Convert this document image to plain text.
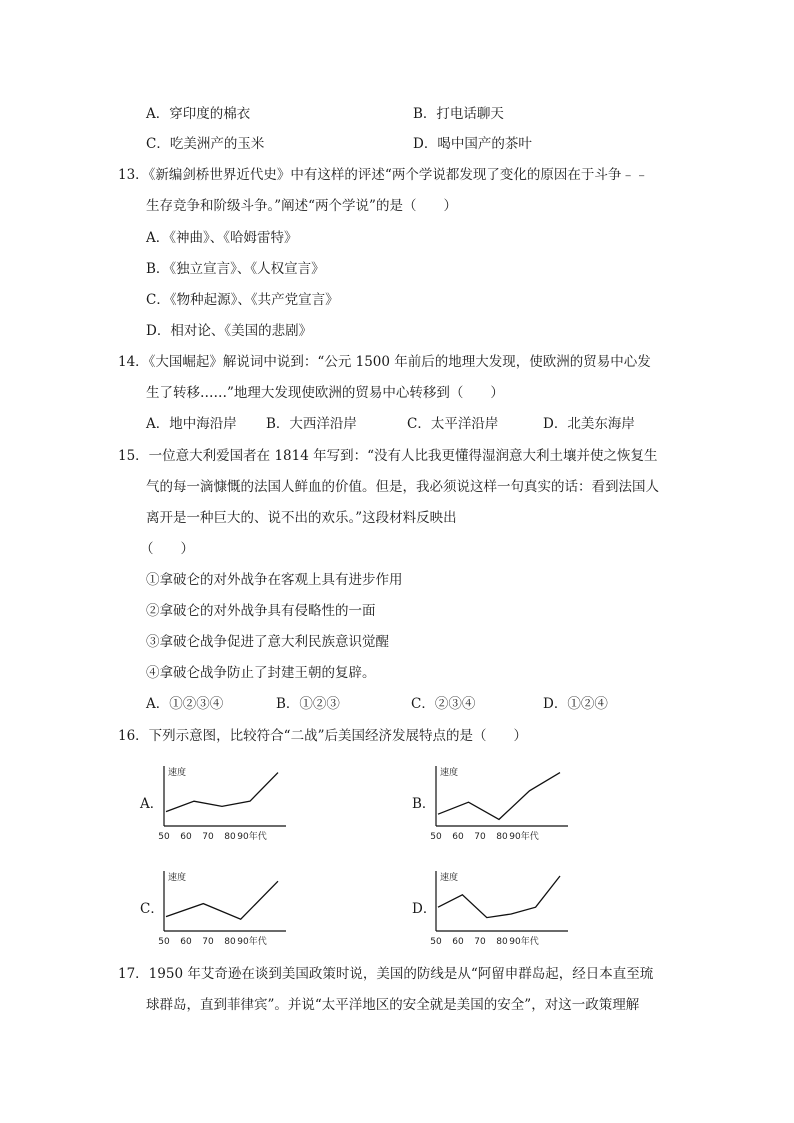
A．穿印度的棉衣	B．打电话聊天
C．吃美洲产的玉米	D．喝中国产的茶叶
13．《新编剑桥世界近代史》中有这样的评述“两个学说都发现了变化的原因在于斗争﹣﹣
生存竞争和阶级斗争。”阐述“两个学说”的是（　　）
A．《神曲》、《哈姆雷特》
B．《独立宣言》、《人权宣言》
C．《物种起源》、《共产党宣言》
D．相对论、《美国的悲剧》
14．《大国崛起》解说词中说到：“公元 1500 年前后的地理大发现，使欧洲的贸易中心发
生了转移……”地理大发现使欧洲的贸易中心转移到（　　）
A．地中海沿岸 B．大西洋沿岸	C．太平洋沿岸	D．北美东海岸
15．一位意大利爱国者在 1814 年写到：“没有人比我更懂得湿润意大利土壤并使之恢复生
气的每一滴慷慨的法国人鲜血的价值。但是，我必须说这样一句真实的话：看到法国人
离开是一种巨大的、说不出的欢乐。”这段材料反映出
（　　）
①拿破仑的对外战争在客观上具有进步作用
②拿破仑的对外战争具有侵略性的一面
③拿破仑战争促进了意大利民族意识觉醒
④拿破仑战争防止了封建王朝的复辟。
A．①②③④	B．①②③	C．②③④	D．①②④
16．下列示意图，比较符合“二战”后美国经济发展特点的是（　　）
A．
速度
50 60 70 80 90年代
B．
速度
50 60 70 80 90年代
C．
速度
50 60 70 80 90年代
D．
速度
50 60 70 80 90年代
17．1950 年艾奇逊在谈到美国政策时说，美国的防线是从“阿留申群岛起，经日本直至琉
球群岛，直到菲律宾”。并说“太平洋地区的安全就是美国的安全”，对这一政策理解
